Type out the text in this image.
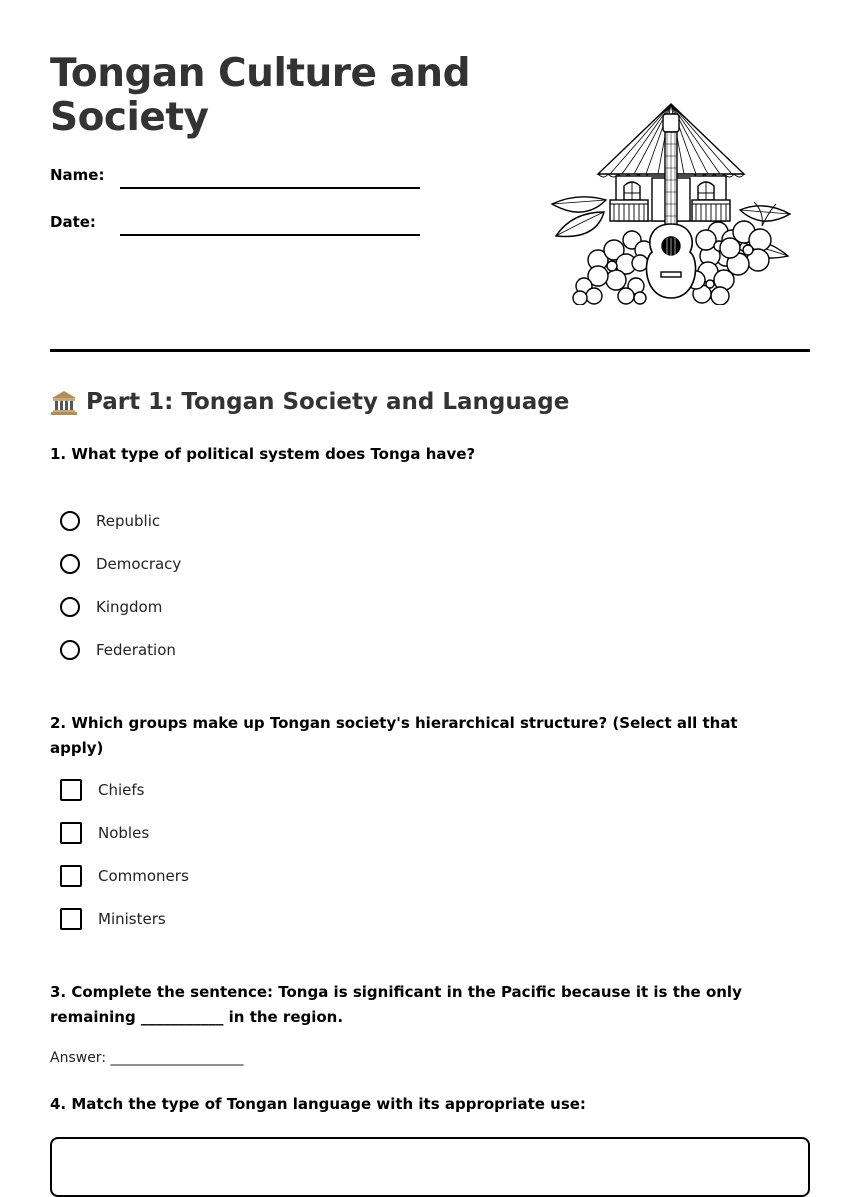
Tongan Culture and Society
Name:
Date:
Part 1: Tongan Society and Language
1. What type of political system does Tonga have?
Republic
Democracy
Kingdom
Federation
2. Which groups make up Tongan society's hierarchical structure? (Select all that apply)
Chiefs
Nobles
Commoners
Ministers
3. Complete the sentence: Tonga is significant in the Pacific because it is the only remaining ___________ in the region.
Answer: ___________________
4. Match the type of Tongan language with its appropriate use:
